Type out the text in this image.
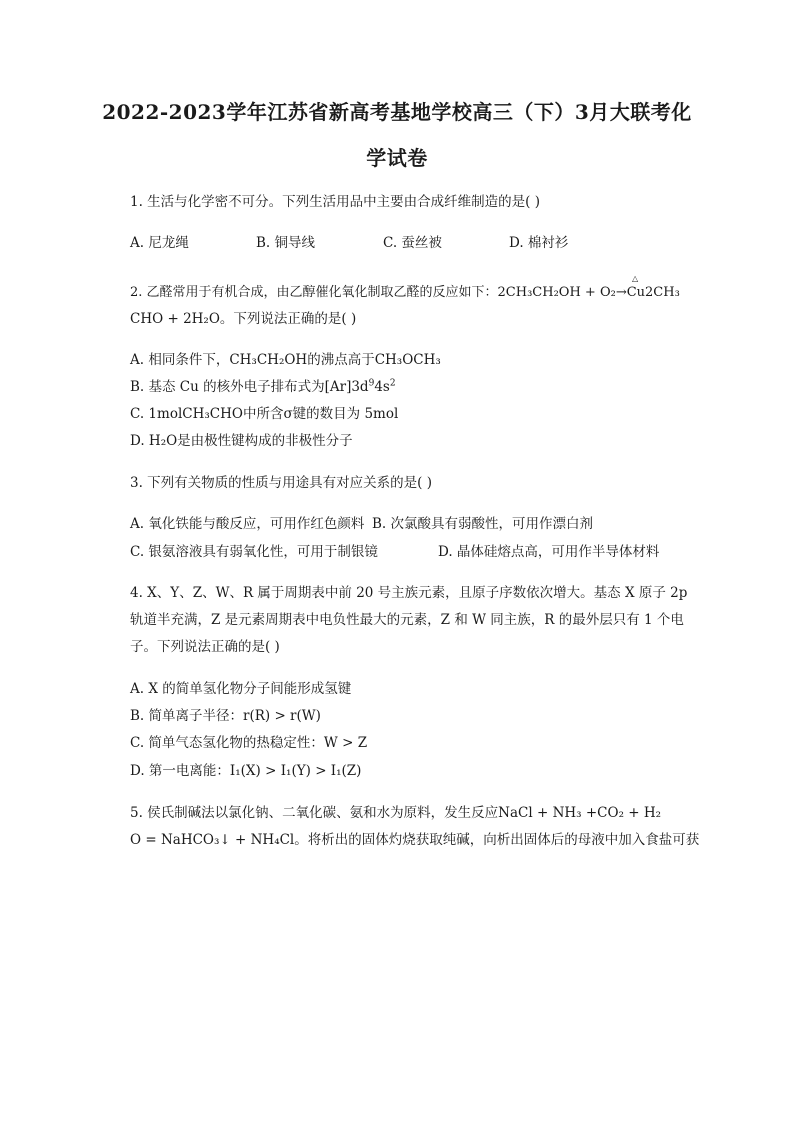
2022-2023学年江苏省新高考基地学校高三（下）3月大联考化
学试卷
1. 生活与化学密不可分。下列生活用品中主要由合成纤维制造的是( )
A. 尼龙绳	B. 铜导线	C. 蚕丝被	D. 棉衬衫
△
2. 乙醛常用于有机合成，由乙醇催化氧化制取乙醛的反应如下：2CH₃CH₂OH + O₂→Cu2CH₃
CHO + 2H₂O。下列说法正确的是( )
A. 相同条件下，CH₃CH₂OH的沸点高于CH₃OCH₃
B. 基态 Cu 的核外电子排布式为$[Ar]3d^94s^2$
C. 1molCH₃CHO中所含σ键的数目为 5mol
D. H₂O是由极性键构成的非极性分子
3. 下列有关物质的性质与用途具有对应关系的是( )
A. 氧化铁能与酸反应，可用作红色颜料 B. 次氯酸具有弱酸性，可用作漂白剂
C. 银氨溶液具有弱氧化性，可用于制银镜	D. 晶体硅熔点高，可用作半导体材料
4. X、Y、Z、W、R 属于周期表中前 20 号主族元素，且原子序数依次增大。基态 X 原子 2p
轨道半充满，Z 是元素周期表中电负性最大的元素，Z 和 W 同主族，R 的最外层只有 1 个电
子。下列说法正确的是( )
A. X 的简单氢化物分子间能形成氢键
B. 简单离子半径：r(R) > r(W)
C. 简单气态氢化物的热稳定性：W > Z
D. 第一电离能：I₁(X) > I₁(Y) > I₁(Z)
5. 侯氏制碱法以氯化钠、二氧化碳、氨和水为原料，发生反应NaCl + NH₃ +CO₂ + H₂
O = NaHCO₃↓ + NH₄Cl。将析出的固体灼烧获取纯碱，向析出固体后的母液中加入食盐可获
